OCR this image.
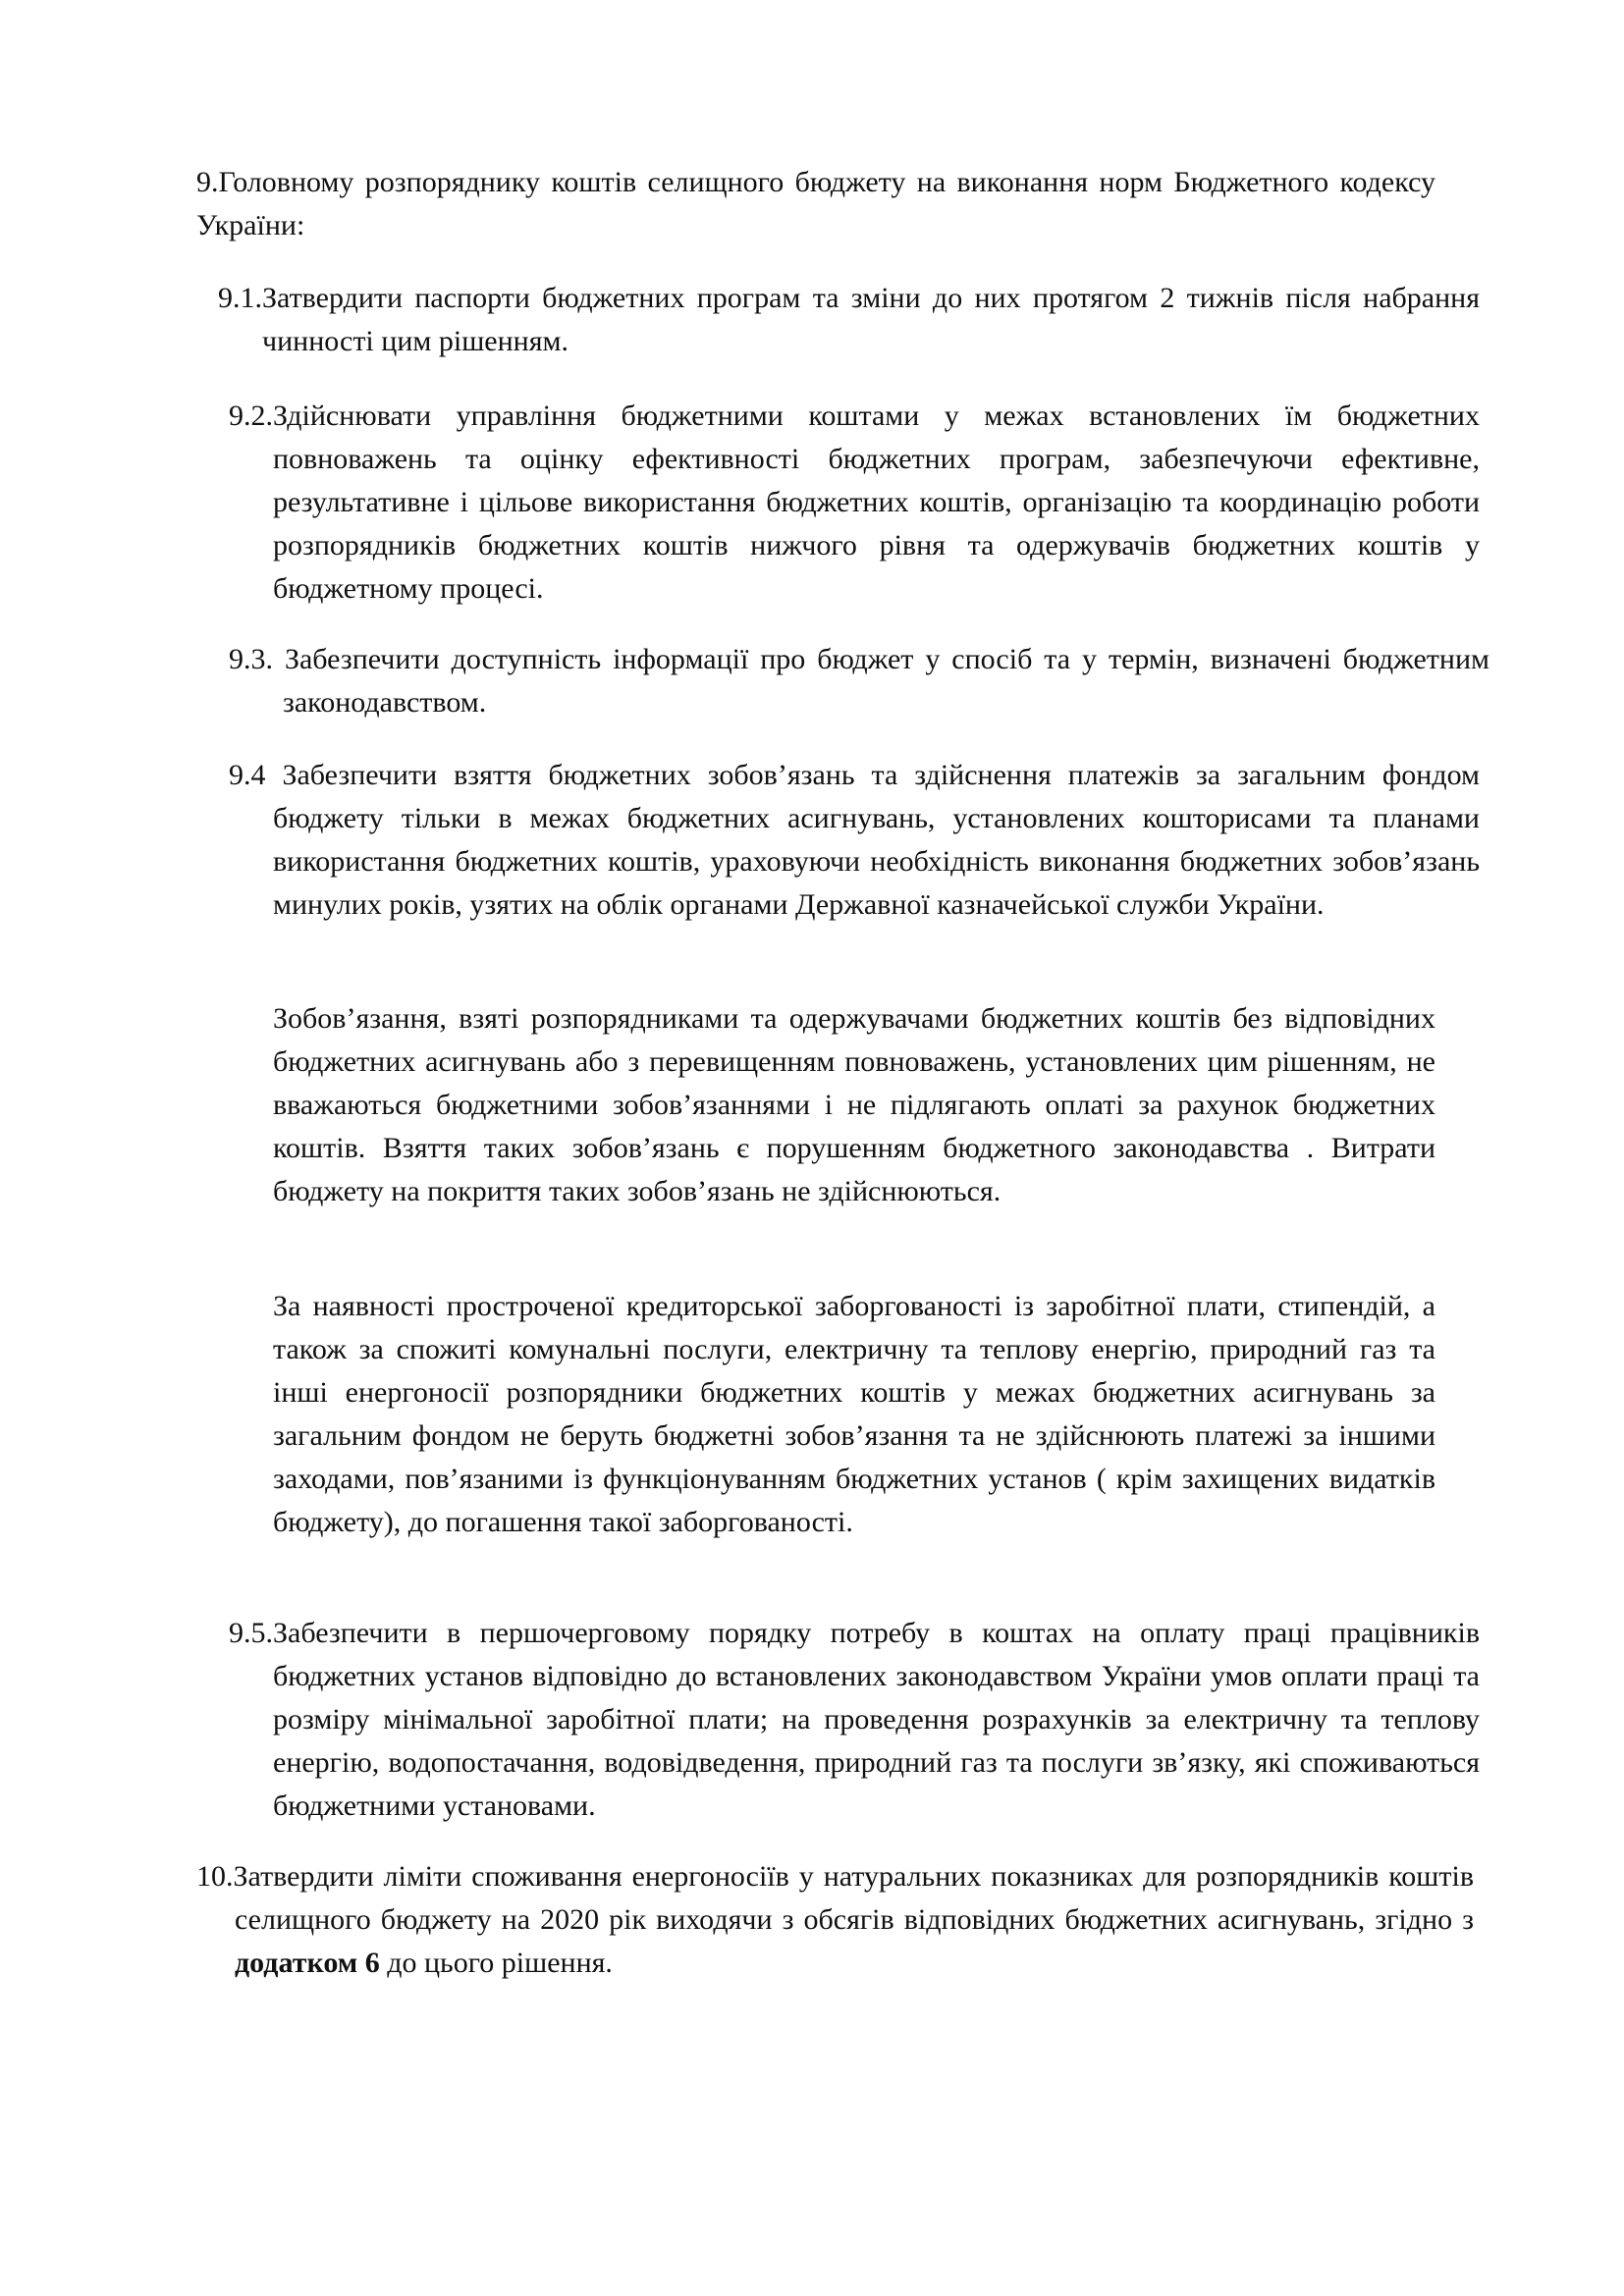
9.Головному розпоряднику коштів селищного бюджету на виконання норм Бюджетного кодексу України:

9.1.Затвердити паспорти бюджетних програм та зміни до них протягом 2 тижнів після набрання чинності цим рішенням.

9.2.Здійснювати управління бюджетними коштами у межах встановлених їм бюджетних повноважень та оцінку ефективності бюджетних програм, забезпечуючи ефективне, результативне і цільове використання бюджетних коштів, організацію та координацію роботи розпорядників бюджетних коштів нижчого рівня та одержувачів бюджетних коштів у бюджетному процесі.

9.3. Забезпечити доступність інформації про бюджет у спосіб та у термін, визначені бюджетним законодавством.

9.4 Забезпечити взяття бюджетних зобов’язань та здійснення платежів за загальним фондом бюджету тільки в межах бюджетних асигнувань, установлених кошторисами та планами використання бюджетних коштів, ураховуючи необхідність виконання бюджетних зобов’язань минулих років, узятих на облік органами Державної казначейської служби України.

Зобов’язання, взяті розпорядниками та одержувачами бюджетних коштів без відповідних бюджетних асигнувань або з перевищенням повноважень, установлених цим рішенням, не вважаються бюджетними зобов’язаннями і не підлягають оплаті за рахунок бюджетних коштів. Взяття таких зобов’язань є порушенням бюджетного законодавства . Витрати бюджету на покриття таких зобов’язань не здійснюються.

За наявності простроченої кредиторської заборгованості із заробітної плати, стипендій, а також за спожиті комунальні послуги, електричну та теплову енергію, природний газ та інші енергоносії розпорядники бюджетних коштів у межах бюджетних асигнувань за загальним фондом не беруть бюджетні зобов’язання та не здійснюють платежі за іншими заходами, пов’язаними із функціонуванням бюджетних установ ( крім захищених видатків бюджету), до погашення такої заборгованості.

9.5.Забезпечити в першочерговому порядку потребу в коштах на оплату праці працівників бюджетних установ відповідно до встановлених законодавством України умов оплати праці та розміру мінімальної заробітної плати; на проведення розрахунків за електричну та теплову енергію, водопостачання, водовідведення, природний газ та послуги зв’язку, які споживаються бюджетними установами.

10.Затвердити ліміти споживання енергоносіїв у натуральних показниках для розпорядників коштів селищного бюджету на 2020 рік виходячи з обсягів відповідних бюджетних асигнувань, згідно з додатком 6 до цього рішення.
